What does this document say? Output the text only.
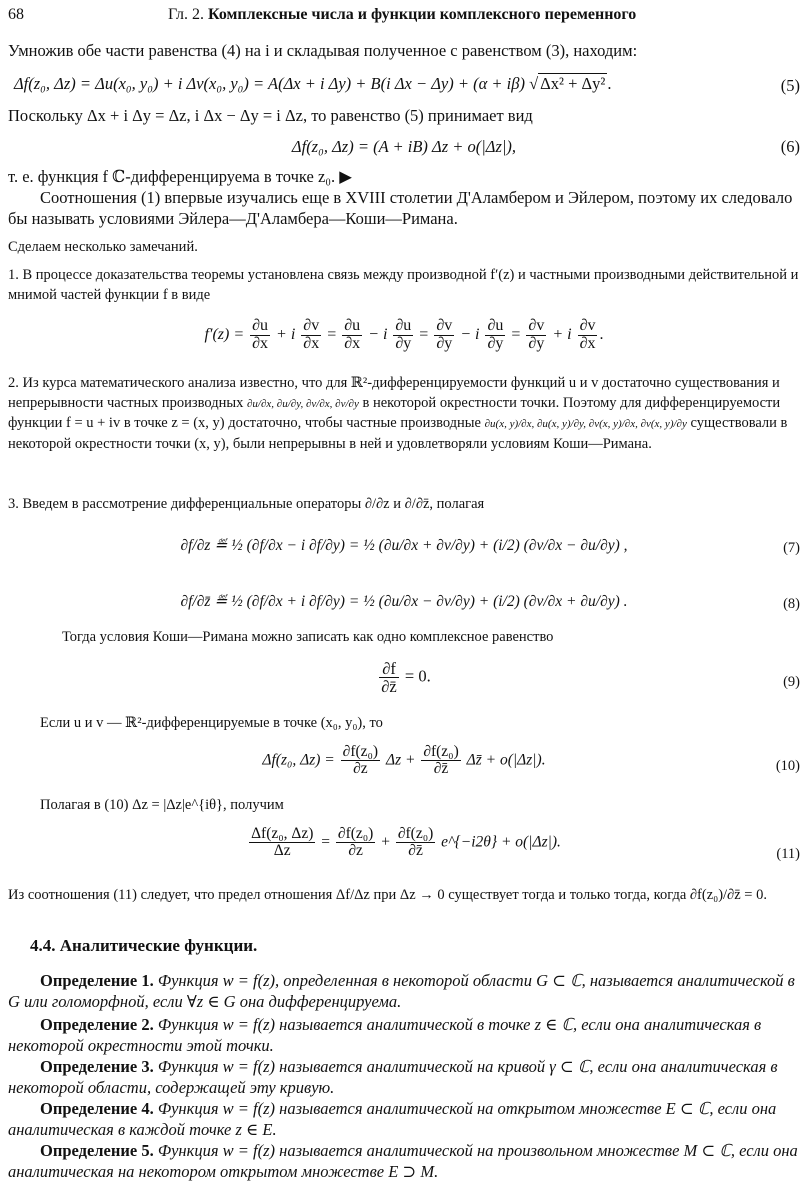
68	Гл. 2. Комплексные числа и функции комплексного переменного
Умножив обе части равенства (4) на i и складывая полученное с равенством (3), находим:
Δf(z₀, Δz) = Δu(x₀, y₀) + i Δv(x₀, y₀) = A(Δx + i Δy) + B(i Δx − Δy) + (α + iβ) √ Δx² + Δy² .	(5)
Поскольку Δx + i Δy = Δz, i Δx − Δy = i Δz, то равенство (5) принимает вид
Δf(z₀, Δz) = (A + iB) Δz + o(|Δz|),	(6)
т. е. функция f ℂ-дифференцируема в точке z₀. ▶
Соотношения (1) впервые изучались еще в XVIII столетии Д'Аламбером и Эйлером, поэтому их следовало бы называть условиями Эйлера—Д'Аламбера—Коши—Римана.
Сделаем несколько замечаний.
1. В процессе доказательства теоремы установлена связь между производной f′(z) и частными производными действительной и мнимой частей функции f в виде
$f'(z) = \frac{\partial u}{\partial x} + i \frac{\partial v}{\partial x} = \frac{\partial u}{\partial x} - i \frac{\partial u}{\partial y} = \frac{\partial v}{\partial y} - i \frac{\partial u}{\partial y} = \frac{\partial v}{\partial y} + i \frac{\partial v}{\partial x}$ .
2. Из курса математического анализа известно, что для ℝ²-дифференцируемости функций u и v достаточно существования и непрерывности частных производных ∂u/∂x, ∂u/∂y, ∂v/∂x, ∂v/∂y в некоторой окрестности точки. Поэтому для дифференцируемости функции f = u + iv в точке z = (x, y) достаточно, чтобы частные производные ∂u(x, y)/∂x, ∂u(x, y)/∂y, ∂v(x, y)/∂x, ∂v(x, y)/∂y существовали в некоторой окрестности точки (x, y), были непрерывны в ней и удовлетворяли условиям Коши—Римана.
3. Введем в рассмотрение дифференциальные операторы ∂/∂z и ∂/∂z̄, полагая
∂f/∂z ≝ ½ (∂f/∂x − i ∂f/∂y) = ½ (∂u/∂x + ∂v/∂y) + (i/2) (∂v/∂x − ∂u/∂y) ,	(7)
∂f/∂z̄ ≝ ½ (∂f/∂x + i ∂f/∂y) = ½ (∂u/∂x − ∂v/∂y) + (i/2) (∂v/∂x + ∂u/∂y) .	(8)
Тогда условия Коши—Римана можно записать как одно комплексное равенство
$\frac{\partial f}{\partial z̄} = 0$.	(9)
Если u и v — ℝ²-дифференцируемые в точке (x₀, y₀), то
Δf(z₀, $\Delta z) = \frac{\text{∂f(z₀)}}{\partial z}$ $\Delta z + \frac{\text{∂f(z₀)}}{\partial z̄}$ Δz̄ + o(|Δz|).	(10)
Полагая в (10) Δz = |Δz|e^{iθ}, получим
$\frac{\text{Δf(z₀, Δz)}}{\Delta z} = \frac{\text{∂f(z₀)}}{\partial z} + \frac{\text{∂f(z₀)}}{\partial z̄}$ e^{−i2θ} + o(|Δz|).
(11)
Из соотношения (11) следует, что предел отношения Δf/Δz при Δz → 0 существует тогда и только тогда, когда ∂f(z₀)/∂z̄ = 0.
4.4. Аналитические функции.
Определение 1. Функция w = f(z), определенная в некоторой области G ⊂ ℂ, называется аналитической в G или голоморфной, если ∀z ∈ G она дифференцируема.
Определение 2. Функция w = f(z) называется аналитической в точке z ∈ ℂ, если она аналитическая в некоторой окрестности этой точки.
Определение 3. Функция w = f(z) называется аналитической на кривой γ ⊂ ℂ, если она аналитическая в некоторой области, содержащей эту кривую.
Определение 4. Функция w = f(z) называется аналитической на открытом множестве E ⊂ ℂ, если она аналитическая в каждой точке z ∈ E.
Определение 5. Функция w = f(z) называется аналитической на произвольном множестве M ⊂ ℂ, если она аналитическая на некотором открытом множестве E ⊃ M.
